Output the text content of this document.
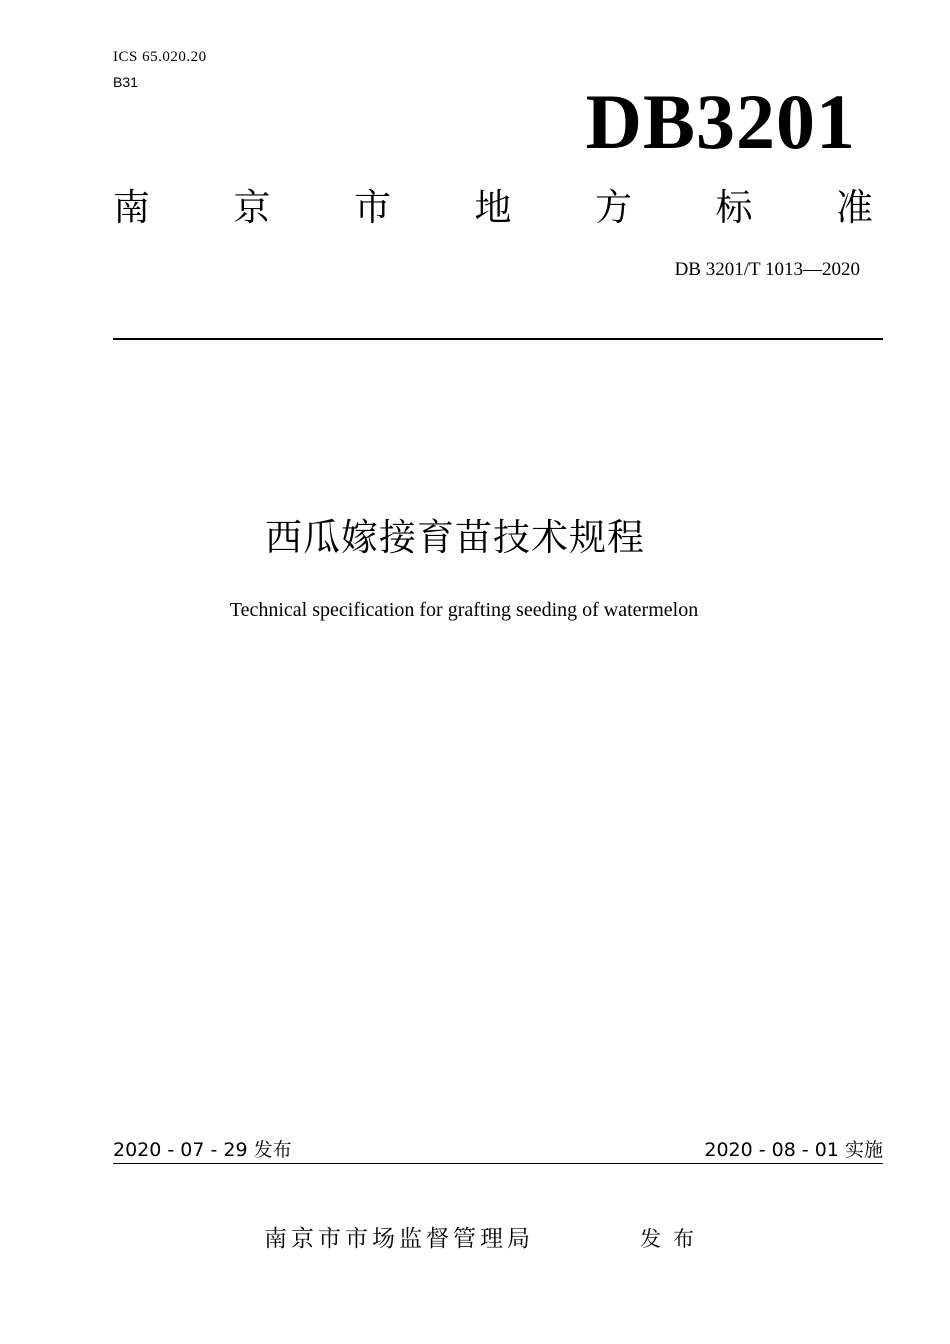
ICS 65.020.20
B31	DB3201
南 京 市 地 方 标 准
DB 3201/T 1013—2020
西瓜嫁接育苗技术规程
Technical specification for grafting seeding of watermelon
2020 - 07 - 29 发布	2020 - 08 - 01 实施
南京市市场监督管理局	发布
